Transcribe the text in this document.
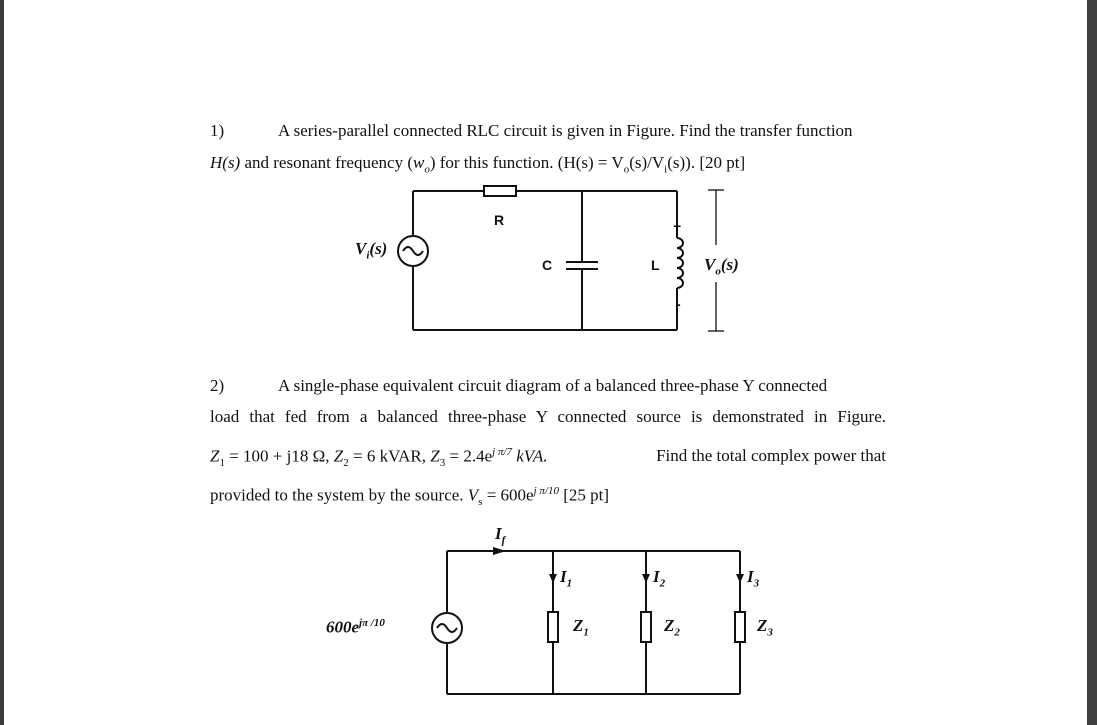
1)	A series-parallel connected RLC circuit is given in Figure. Find the transfer function
H(s) and resonant frequency $(w_o)$ for this function. $(H(s) = V_o(s)/V_i(s))$. [20 pt]
$V_i(s)$
R
C	L
+
-
$V_o(s)$
2)	A single-phase equivalent circuit diagram of a balanced three-phase Y connected
load that fed from a balanced three-phase Y connected source is demonstrated in Figure.
$Z_1 = 100 + j18$ Ω, $Z_2 = 6$ kVAR, $Z_3 = 2.4e^{j \pi/7}$ kVA.	Find the total complex power that
provided to the system by the source. $V_s = 600e^{j \pi/10}$ [25 pt]
$600e^{j\pi /10}$
$I_f$
$I_1$	$I_2$	$I_3$
$Z_1$	$Z_2$	$Z_3$
